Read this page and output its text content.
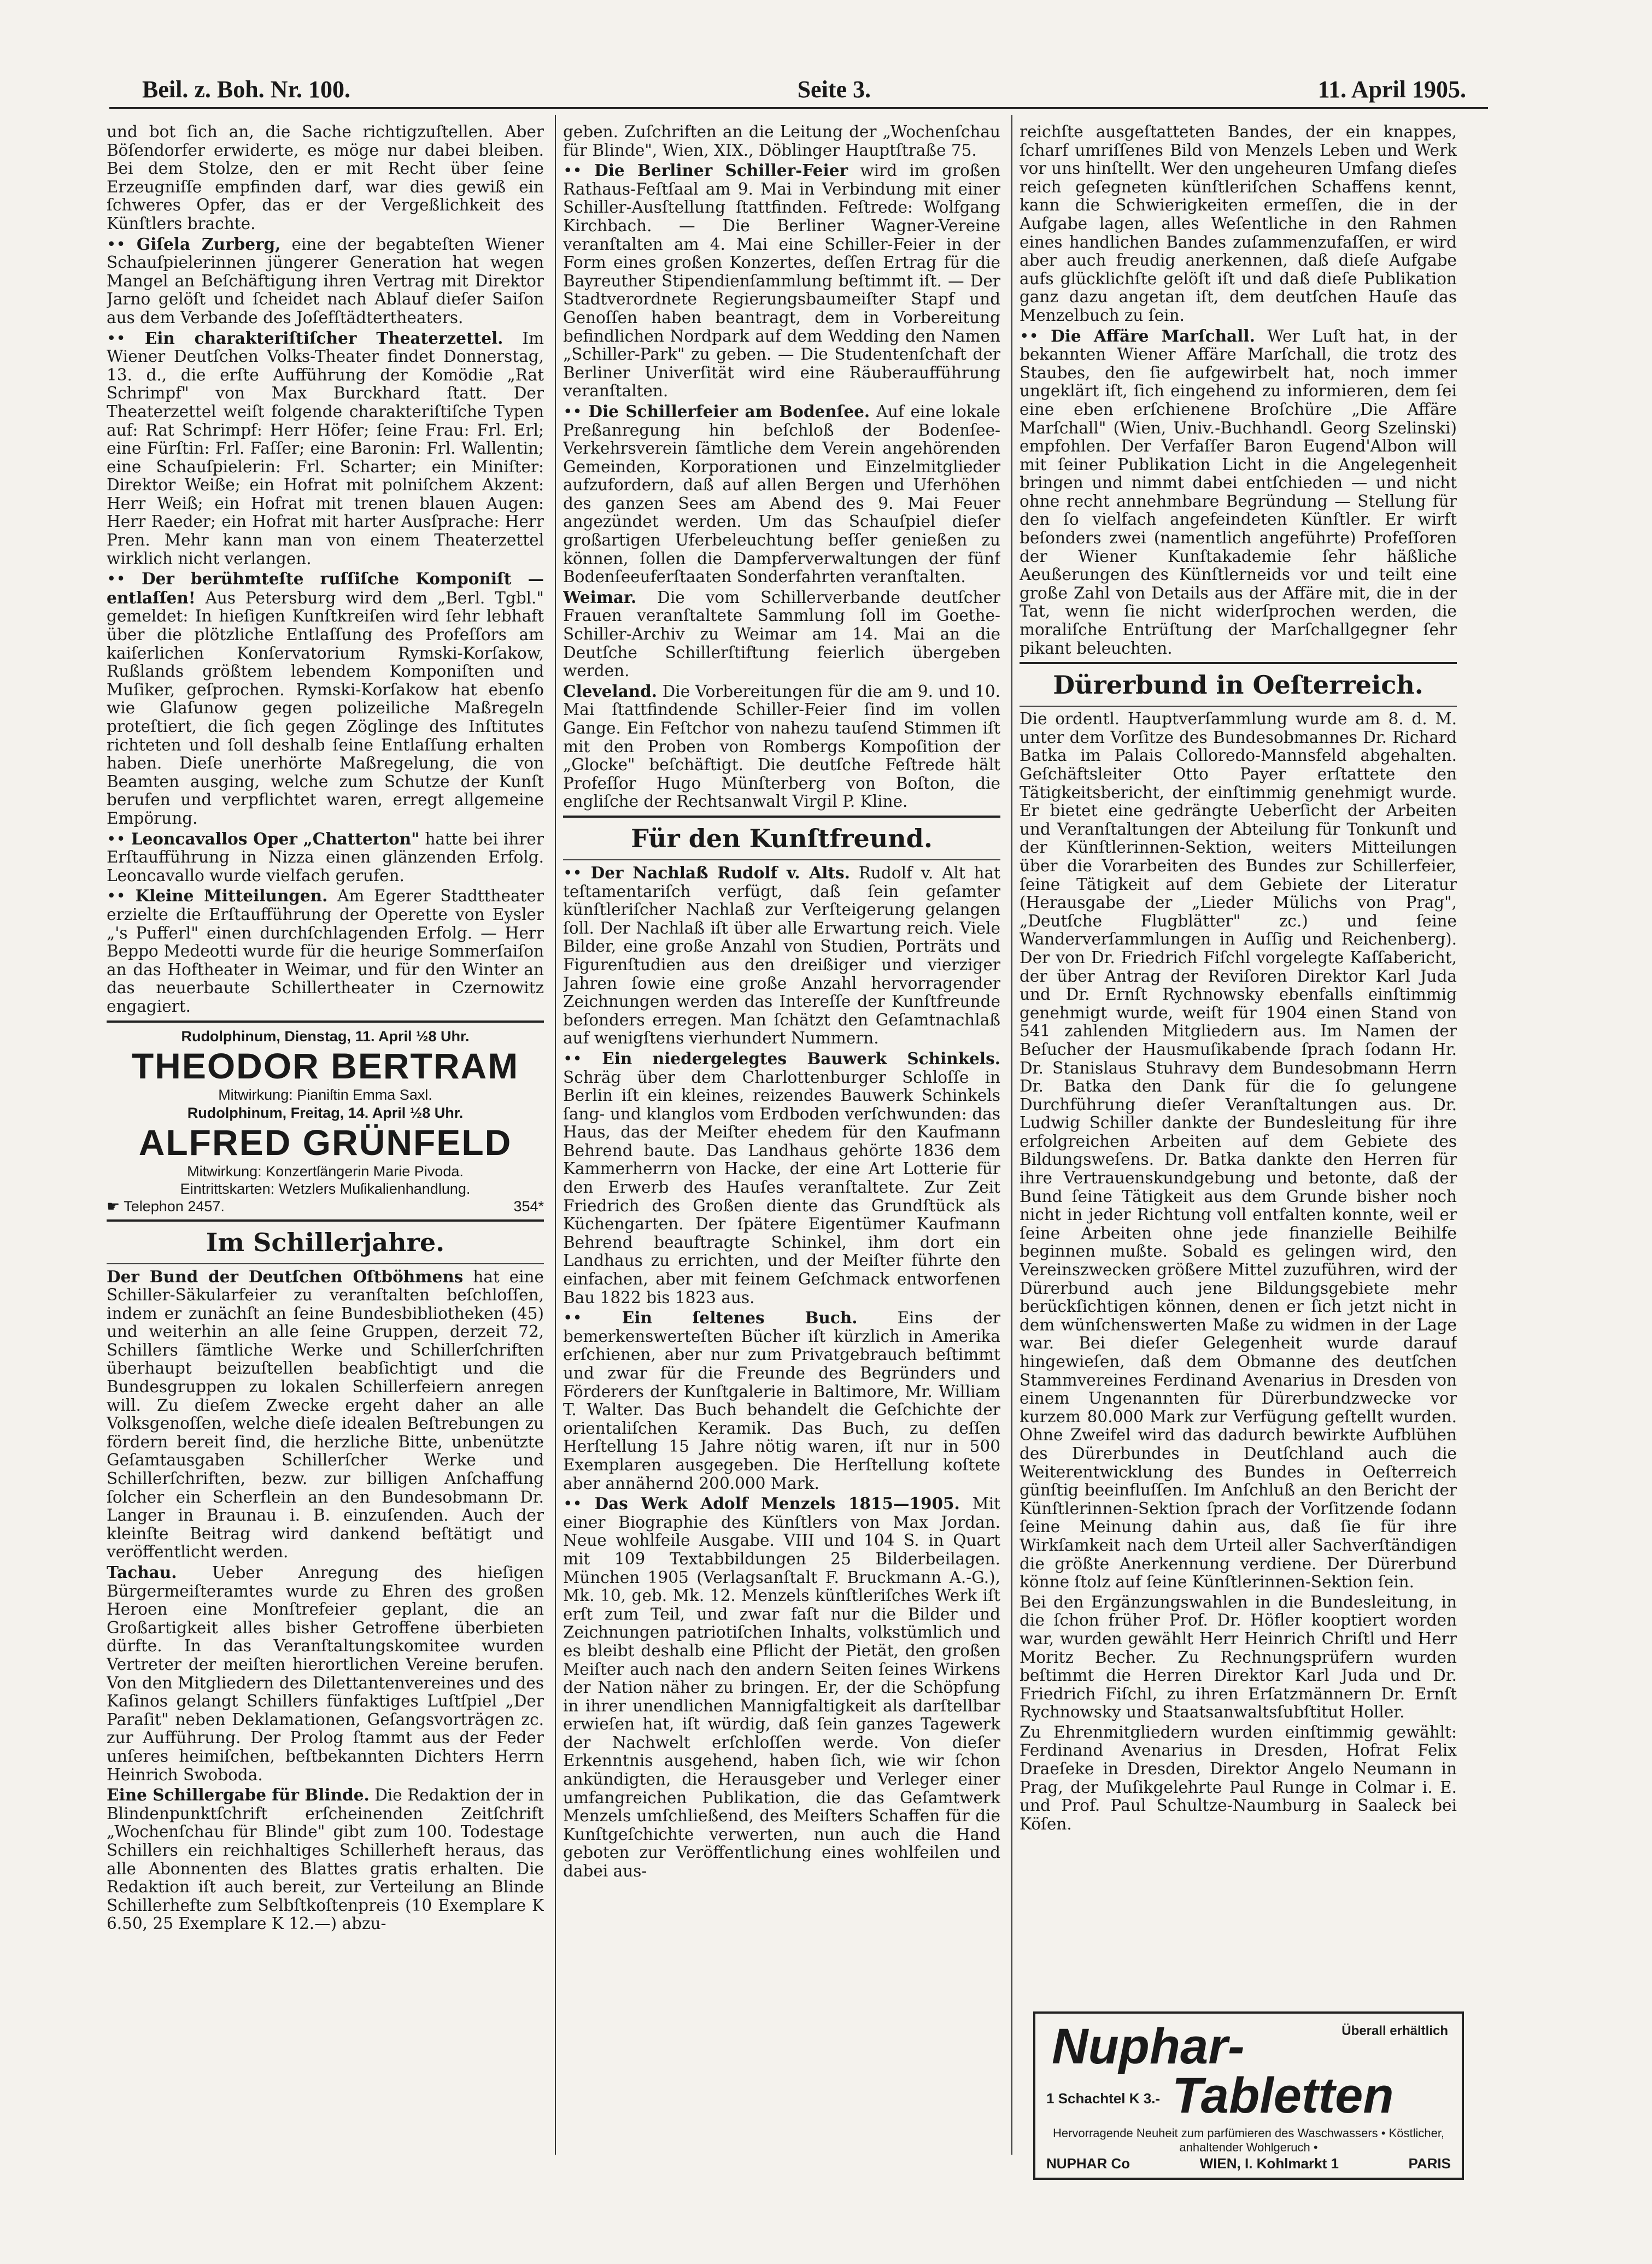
Beil. z. Boh. Nr. 100.	Seite 3.	11. April 1905.

und bot ſich an, die Sache richtigzuſtellen. Aber Böſendorfer erwiderte, es möge nur dabei bleiben. Bei dem Stolze, den er mit Recht über ſeine Erzeugniſſe empfinden darf, war dies gewiß ein ſchweres Opfer, das er der Vergeßlichkeit des Künſtlers brachte.

•• Giſela Zurberg, eine der begabteſten Wiener Schauſpielerinnen jüngerer Generation hat wegen Mangel an Beſchäftigung ihren Vertrag mit Direktor Jarno gelöſt und ſcheidet nach Ablauf dieſer Saiſon aus dem Verbande des Joſefſtädtertheaters.

•• Ein charakteriſtiſcher Theaterzettel. Im Wiener Deutſchen Volks-Theater findet Donnerstag, 13. d., die erſte Aufführung der Komödie „Rat Schrimpf" von Max Burckhard ſtatt. Der Theaterzettel weiſt folgende charakteriſtiſche Typen auf: Rat Schrimpf: Herr Höfer; ſeine Frau: Frl. Erl; eine Fürſtin: Frl. Faſſer; eine Baronin: Frl. Wallentin; eine Schauſpielerin: Frl. Scharter; ein Miniſter: Direktor Weiße; ein Hofrat mit polniſchem Akzent: Herr Weiß; ein Hofrat mit trenen blauen Augen: Herr Raeder; ein Hofrat mit harter Ausſprache: Herr Pren. Mehr kann man von einem Theaterzettel wirklich nicht verlangen.

•• Der berühmteſte ruſſiſche Komponiſt — entlaſſen! Aus Petersburg wird dem „Berl. Tgbl." gemeldet: In hieſigen Kunſtkreiſen wird ſehr lebhaft über die plötzliche Entlaſſung des Profeſſors am kaiſerlichen Konſervatorium Rymski-Korſakow, Rußlands größtem lebendem Komponiſten und Muſiker, geſprochen. Rymski-Korſakow hat ebenſo wie Glaſunow gegen polizeiliche Maßregeln proteſtiert, die ſich gegen Zöglinge des Inſtitutes richteten und ſoll deshalb ſeine Entlaſſung erhalten haben. Dieſe unerhörte Maßregelung, die von Beamten ausging, welche zum Schutze der Kunſt berufen und verpflichtet waren, erregt allgemeine Empörung.

•• Leoncavallos Oper „Chatterton" hatte bei ihrer Erſtaufführung in Nizza einen glänzenden Erfolg. Leoncavallo wurde vielfach gerufen.

•• Kleine Mitteilungen. Am Egerer Stadttheater erzielte die Erſtaufführung der Operette von Eysler „'s Pufferl" einen durchſchlagenden Erfolg. — Herr Beppo Medeotti wurde für die heurige Sommerſaiſon an das Hoftheater in Weimar, und für den Winter an das neuerbaute Schillertheater in Czernowitz engagiert.

Rudolphinum, Dienstag, 11. April ½8 Uhr.
THEODOR BERTRAM
Mitwirkung: Pianiſtin Emma Saxl.
Rudolphinum, Freitag, 14. April ½8 Uhr.
ALFRED GRÜNFELD
Mitwirkung: Konzertſängerin Marie Pivoda.
Eintrittskarten: Wetzlers Muſikalienhandlung.
☛ Telephon 2457.	354*
Im Schillerjahre.

Der Bund der Deutſchen Oſtböhmens hat eine Schiller-Säkularfeier zu veranſtalten beſchloſſen, indem er zunächſt an ſeine Bundesbibliotheken (45) und weiterhin an alle ſeine Gruppen, derzeit 72, Schillers ſämtliche Werke und Schillerſchriften überhaupt beizuſtellen beabſichtigt und die Bundesgruppen zu lokalen Schillerfeiern anregen will. Zu dieſem Zwecke ergeht daher an alle Volksgenoſſen, welche dieſe idealen Beſtrebungen zu fördern bereit ſind, die herzliche Bitte, unbenützte Geſamtausgaben Schillerſcher Werke und Schillerſchriften, bezw. zur billigen Anſchaffung ſolcher ein Scherflein an den Bundesobmann Dr. Langer in Braunau i. B. einzuſenden. Auch der kleinſte Beitrag wird dankend beſtätigt und veröffentlicht werden.

Tachau. Ueber Anregung des hieſigen Bürgermeiſteramtes wurde zu Ehren des großen Heroen eine Monſtrefeier geplant, die an Großartigkeit alles bisher Getroffene überbieten dürfte. In das Veranſtaltungskomitee wurden Vertreter der meiſten hierortlichen Vereine berufen. Von den Mitgliedern des Dilettantenvereines und des Kaſinos gelangt Schillers fünfaktiges Luſtſpiel „Der Paraſit" neben Deklamationen, Geſangsvorträgen zc. zur Aufführung. Der Prolog ſtammt aus der Feder unſeres heimiſchen, beſtbekannten Dichters Herrn Heinrich Swoboda.

Eine Schillergabe für Blinde. Die Redaktion der in Blindenpunktſchrift erſcheinenden Zeitſchrift „Wochenſchau für Blinde" gibt zum 100. Todestage Schillers ein reichhaltiges Schillerheft heraus, das alle Abonnenten des Blattes gratis erhalten. Die Redaktion iſt auch bereit, zur Verteilung an Blinde Schillerhefte zum Selbſtkoſtenpreis (10 Exemplare K 6.50, 25 Exemplare K 12.—) abzu-

geben. Zuſchriften an die Leitung der „Wochenſchau für Blinde", Wien, XIX., Döblinger Hauptſtraße 75.

•• Die Berliner Schiller-Feier wird im großen Rathaus-Feſtſaal am 9. Mai in Verbindung mit einer Schiller-Ausſtellung ſtattfinden. Feſtrede: Wolfgang Kirchbach. — Die Berliner Wagner-Vereine veranſtalten am 4. Mai eine Schiller-Feier in der Form eines großen Konzertes, deſſen Ertrag für die Bayreuther Stipendienſammlung beſtimmt iſt. — Der Stadtverordnete Regierungsbaumeiſter Stapf und Genoſſen haben beantragt, dem in Vorbereitung befindlichen Nordpark auf dem Wedding den Namen „Schiller-Park" zu geben. — Die Studentenſchaft der Berliner Univerſität wird eine Räuberaufführung veranſtalten.

•• Die Schillerfeier am Bodenſee. Auf eine lokale Preßanregung hin beſchloß der Bodenſee-Verkehrsverein ſämtliche dem Verein angehörenden Gemeinden, Korporationen und Einzelmitglieder aufzufordern, daß auf allen Bergen und Uferhöhen des ganzen Sees am Abend des 9. Mai Feuer angezündet werden. Um das Schauſpiel dieſer großartigen Uferbeleuchtung beſſer genießen zu können, ſollen die Dampferverwaltungen der fünf Bodenſeeuferſtaaten Sonderfahrten veranſtalten.

Weimar. Die vom Schillerverbande deutſcher Frauen veranſtaltete Sammlung ſoll im Goethe-Schiller-Archiv zu Weimar am 14. Mai an die Deutſche Schillerſtiftung feierlich übergeben werden.

Cleveland. Die Vorbereitungen für die am 9. und 10. Mai ſtattfindende Schiller-Feier ſind im vollen Gange. Ein Feſtchor von nahezu tauſend Stimmen iſt mit den Proben von Rombergs Kompoſition der „Glocke" beſchäftigt. Die deutſche Feſtrede hält Profeſſor Hugo Münſterberg von Boſton, die engliſche der Rechtsanwalt Virgil P. Kline.

Für den Kunſtfreund.

•• Der Nachlaß Rudolf v. Alts. Rudolf v. Alt hat teſtamentariſch verfügt, daß ſein geſamter künſtleriſcher Nachlaß zur Verſteigerung gelangen ſoll. Der Nachlaß iſt über alle Erwartung reich. Viele Bilder, eine große Anzahl von Studien, Porträts und Figurenſtudien aus den dreißiger und vierziger Jahren ſowie eine große Anzahl hervorragender Zeichnungen werden das Intereſſe der Kunſtfreunde beſonders erregen. Man ſchätzt den Geſamtnachlaß auf wenigſtens vierhundert Nummern.

•• Ein niedergelegtes Bauwerk Schinkels. Schräg über dem Charlottenburger Schloſſe in Berlin iſt ein kleines, reizendes Bauwerk Schinkels ſang- und klanglos vom Erdboden verſchwunden: das Haus, das der Meiſter ehedem für den Kaufmann Behrend baute. Das Landhaus gehörte 1836 dem Kammerherrn von Hacke, der eine Art Lotterie für den Erwerb des Hauſes veranſtaltete. Zur Zeit Friedrich des Großen diente das Grundſtück als Küchengarten. Der ſpätere Eigentümer Kaufmann Behrend beauftragte Schinkel, ihm dort ein Landhaus zu errichten, und der Meiſter führte den einfachen, aber mit feinem Geſchmack entworfenen Bau 1822 bis 1823 aus.

•• Ein ſeltenes Buch. Eins der bemerkenswerteſten Bücher iſt kürzlich in Amerika erſchienen, aber nur zum Privatgebrauch beſtimmt und zwar für die Freunde des Begründers und Förderers der Kunſtgalerie in Baltimore, Mr. William T. Walter. Das Buch behandelt die Geſchichte der orientaliſchen Keramik. Das Buch, zu deſſen Herſtellung 15 Jahre nötig waren, iſt nur in 500 Exemplaren ausgegeben. Die Herſtellung koſtete aber annähernd 200.000 Mark.

•• Das Werk Adolf Menzels 1815—1905. Mit einer Biographie des Künſtlers von Max Jordan. Neue wohlfeile Ausgabe. VIII und 104 S. in Quart mit 109 Textabbildungen 25 Bilderbeilagen. München 1905 (Verlagsanſtalt F. Bruckmann A.-G.), Mk. 10, geb. Mk. 12. Menzels künſtleriſches Werk iſt erſt zum Teil, und zwar faſt nur die Bilder und Zeichnungen patriotiſchen Inhalts, volkstümlich und es bleibt deshalb eine Pflicht der Pietät, den großen Meiſter auch nach den andern Seiten ſeines Wirkens der Nation näher zu bringen. Er, der die Schöpfung in ihrer unendlichen Mannigfaltigkeit als darſtellbar erwieſen hat, iſt würdig, daß ſein ganzes Tagewerk der Nachwelt erſchloſſen werde. Von dieſer Erkenntnis ausgehend, haben ſich, wie wir ſchon ankündigten, die Herausgeber und Verleger einer umfangreichen Publikation, die das Geſamtwerk Menzels umſchließend, des Meiſters Schaffen für die Kunſtgeſchichte verwerten, nun auch die Hand geboten zur Veröffentlichung eines wohlfeilen und dabei aus-

reichſte ausgeſtatteten Bandes, der ein knappes, ſcharf umriſſenes Bild von Menzels Leben und Werk vor uns hinſtellt. Wer den ungeheuren Umfang dieſes reich geſegneten künſtleriſchen Schaffens kennt, kann die Schwierigkeiten ermeſſen, die in der Aufgabe lagen, alles Weſentliche in den Rahmen eines handlichen Bandes zuſammenzufaſſen, er wird aber auch freudig anerkennen, daß dieſe Aufgabe aufs glücklichſte gelöſt iſt und daß dieſe Publikation ganz dazu angetan iſt, dem deutſchen Hauſe das Menzelbuch zu ſein.

•• Die Affäre Marſchall. Wer Luſt hat, in der bekannten Wiener Affäre Marſchall, die trotz des Staubes, den ſie aufgewirbelt hat, noch immer ungeklärt iſt, ſich eingehend zu informieren, dem ſei eine eben erſchienene Broſchüre „Die Affäre Marſchall" (Wien, Univ.-Buchhandl. Georg Szelinski) empfohlen. Der Verfaſſer Baron Eugend'Albon will mit ſeiner Publikation Licht in die Angelegenheit bringen und nimmt dabei entſchieden — und nicht ohne recht annehmbare Begründung — Stellung für den ſo vielfach angefeindeten Künſtler. Er wirft beſonders zwei (namentlich angeführte) Profeſſoren der Wiener Kunſtakademie ſehr häßliche Aeußerungen des Künſtlerneids vor und teilt eine große Zahl von Details aus der Affäre mit, die in der Tat, wenn ſie nicht widerſprochen werden, die moraliſche Entrüſtung der Marſchallgegner ſehr pikant beleuchten.

Dürerbund in Oeſterreich.

Die ordentl. Hauptverſammlung wurde am 8. d. M. unter dem Vorſitze des Bundesobmannes Dr. Richard Batka im Palais Colloredo-Mannsfeld abgehalten. Geſchäftsleiter Otto Payer erſtattete den Tätigkeitsbericht, der einſtimmig genehmigt wurde. Er bietet eine gedrängte Ueberſicht der Arbeiten und Veranſtaltungen der Abteilung für Tonkunſt und der Künſtlerinnen-Sektion, weiters Mitteilungen über die Vorarbeiten des Bundes zur Schillerfeier, ſeine Tätigkeit auf dem Gebiete der Literatur (Herausgabe der „Lieder Mülichs von Prag", „Deutſche Flugblätter" zc.) und ſeine Wanderverſammlungen in Auſſig und Reichenberg). Der von Dr. Friedrich Fiſchl vorgelegte Kaſſabericht, der über Antrag der Reviſoren Direktor Karl Juda und Dr. Ernſt Rychnowsky ebenfalls einſtimmig genehmigt wurde, weiſt für 1904 einen Stand von 541 zahlenden Mitgliedern aus. Im Namen der Beſucher der Hausmuſikabende ſprach ſodann Hr. Dr. Stanislaus Stuhravy dem Bundesobmann Herrn Dr. Batka den Dank für die ſo gelungene Durchführung dieſer Veranſtaltungen aus. Dr. Ludwig Schiller dankte der Bundesleitung für ihre erfolgreichen Arbeiten auf dem Gebiete des Bildungsweſens. Dr. Batka dankte den Herren für ihre Vertrauenskundgebung und betonte, daß der Bund ſeine Tätigkeit aus dem Grunde bisher noch nicht in jeder Richtung voll entfalten konnte, weil er ſeine Arbeiten ohne jede finanzielle Beihilfe beginnen mußte. Sobald es gelingen wird, den Vereinszwecken größere Mittel zuzuführen, wird der Dürerbund auch jene Bildungsgebiete mehr berückſichtigen können, denen er ſich jetzt nicht in dem wünſchenswerten Maße zu widmen in der Lage war. Bei dieſer Gelegenheit wurde darauf hingewieſen, daß dem Obmanne des deutſchen Stammvereines Ferdinand Avenarius in Dresden von einem Ungenannten für Dürerbundzwecke vor kurzem 80.000 Mark zur Verfügung geſtellt wurden. Ohne Zweifel wird das dadurch bewirkte Aufblühen des Dürerbundes in Deutſchland auch die Weiterentwicklung des Bundes in Oeſterreich günſtig beeinfluſſen. Im Anſchluß an den Bericht der Künſtlerinnen-Sektion ſprach der Vorſitzende ſodann ſeine Meinung dahin aus, daß ſie für ihre Wirkſamkeit nach dem Urteil aller Sachverſtändigen die größte Anerkennung verdiene. Der Dürerbund könne ſtolz auf ſeine Künſtlerinnen-Sektion ſein.

Bei den Ergänzungswahlen in die Bundesleitung, in die ſchon früher Prof. Dr. Höfler kooptiert worden war, wurden gewählt Herr Heinrich Chriſtl und Herr Moritz Becher. Zu Rechnungsprüfern wurden beſtimmt die Herren Direktor Karl Juda und Dr. Friedrich Fiſchl, zu ihren Erſatzmännern Dr. Ernſt Rychnowsky und Staatsanwaltsſubſtitut Holler.

Zu Ehrenmitgliedern wurden einſtimmig gewählt: Ferdinand Avenarius in Dresden, Hofrat Felix Draeſeke in Dresden, Direktor Angelo Neumann in Prag, der Muſikgelehrte Paul Runge in Colmar i. E. und Prof. Paul Schultze-Naumburg in Saaleck bei Köſen.

Nuphar-
Tabletten
Überall erhältlich
1 Schachtel K 3.-
Hervorragende Neuheit zum parfümieren des Waschwassers • Köstlicher, anhaltender Wohlgeruch •
NUPHAR Co	WIEN, I. Kohlmarkt 1	PARIS
